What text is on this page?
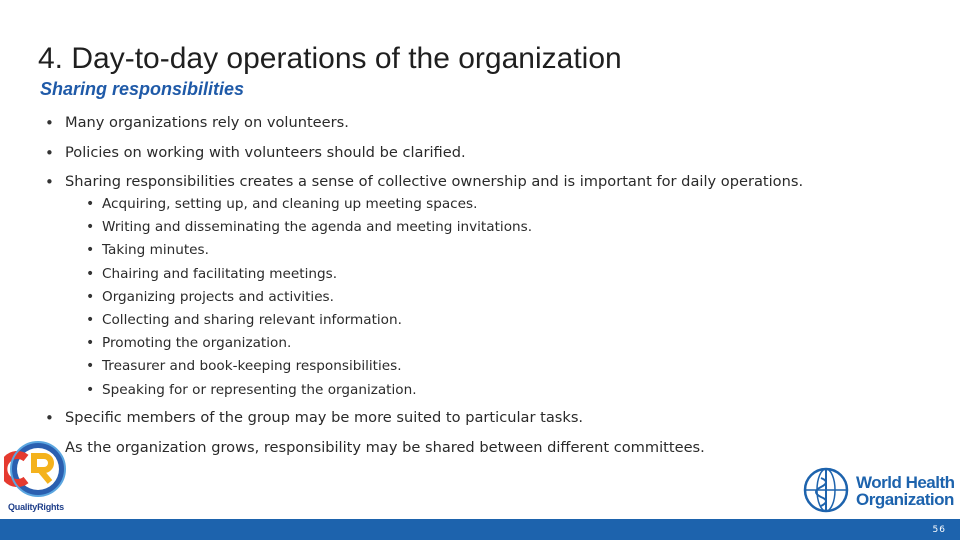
4. Day-to-day operations of the organization
Sharing responsibilities
• Many organizations rely on volunteers.
• Policies on working with volunteers should be clarified.
• Sharing responsibilities creates a sense of collective ownership and is important for daily operations.
• Acquiring, setting up, and cleaning up meeting spaces.
• Writing and disseminating the agenda and meeting invitations.
• Taking minutes.
• Chairing and facilitating meetings.
• Organizing projects and activities.
• Collecting and sharing relevant information.
• Promoting the organization.
• Treasurer and book-keeping responsibilities.
• Speaking for or representing the organization.
• Specific members of the group may be more suited to particular tasks.
• As the organization grows, responsibility may be shared between different committees.
QualityRights
World Health
Organization
56
